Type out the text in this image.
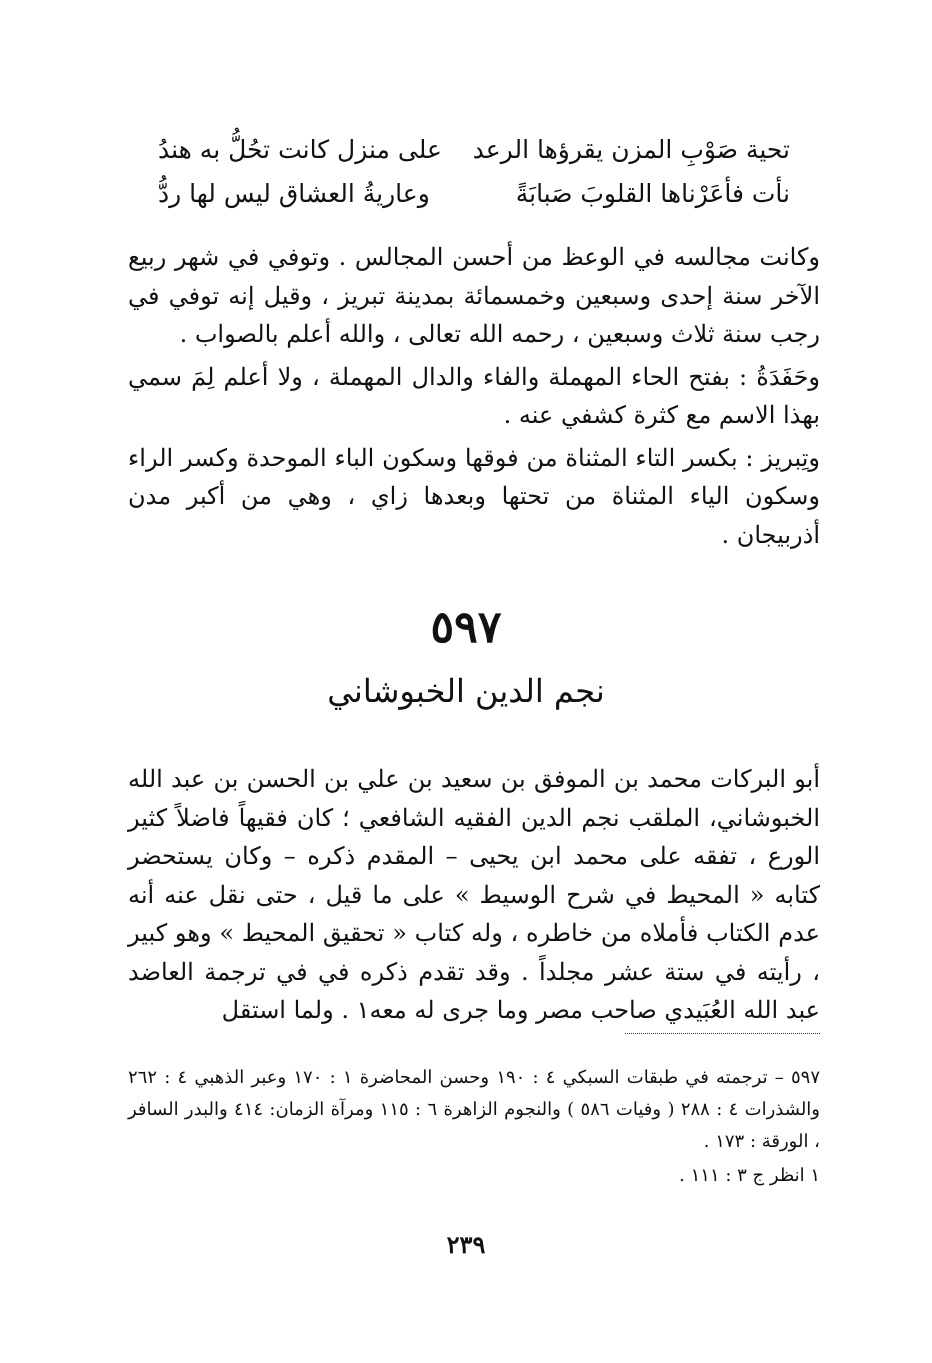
تحية صَوْبِ المزن يقرؤها الرعد
على منزل كانت تحُلُّ به هندُ
نأت فأعَرْناها القلوبَ صَبابَةً
وعاريةُ العشاق ليس لها ردُّ

وكانت مجالسه في الوعظ من أحسن المجالس . وتوفي في شهر ربيع الآخر سنة إحدى وسبعين وخمسمائة بمدينة تبريز ، وقيل إنه توفي في رجب سنة ثلاث وسبعين ، رحمه الله تعالى ، والله أعلم بالصواب .

وحَفَدَةُ : بفتح الحاء المهملة والفاء والدال المهملة ، ولا أعلم لِمَ سمي بهذا الاسم مع كثرة كشفي عنه .

وتِبريز : بكسر التاء المثناة من فوقها وسكون الباء الموحدة وكسر الراء وسكون الياء المثناة من تحتها وبعدها زاي ، وهي من أكبر مدن أذربيجان .

٥٩٧
نجم الدين الخبوشاني

أبو البركات محمد بن الموفق بن سعيد بن علي بن الحسن بن عبد الله الخبوشاني، الملقب نجم الدين الفقيه الشافعي ؛ كان فقيهاً فاضلاً كثير الورع ، تفقه على محمد ابن يحيى – المقدم ذكره – وكان يستحضر كتابه « المحيط في شرح الوسيط » على ما قيل ، حتى نقل عنه أنه عدم الكتاب فأملاه من خاطره ، وله كتاب « تحقيق المحيط » وهو كبير ، رأيته في ستة عشر مجلداً . وقد تقدم ذكره في في ترجمة العاضد عبد الله العُبَيدي صاحب مصر وما جرى له معه١ . ولما استقل

٥٩٧ – ترجمته في طبقات السبكي ٤ : ١٩٠ وحسن المحاضرة ١ : ١٧٠ وعبر الذهبي ٤ : ٢٦٢ والشذرات ٤ : ٢٨٨ ( وفيات ٥٨٦ ) والنجوم الزاهرة ٦ : ١١٥ ومرآة الزمان: ٤١٤ والبدر السافر ، الورقة : ١٧٣ .

١ انظر ج ٣ : ١١١ .

٢٣٩
